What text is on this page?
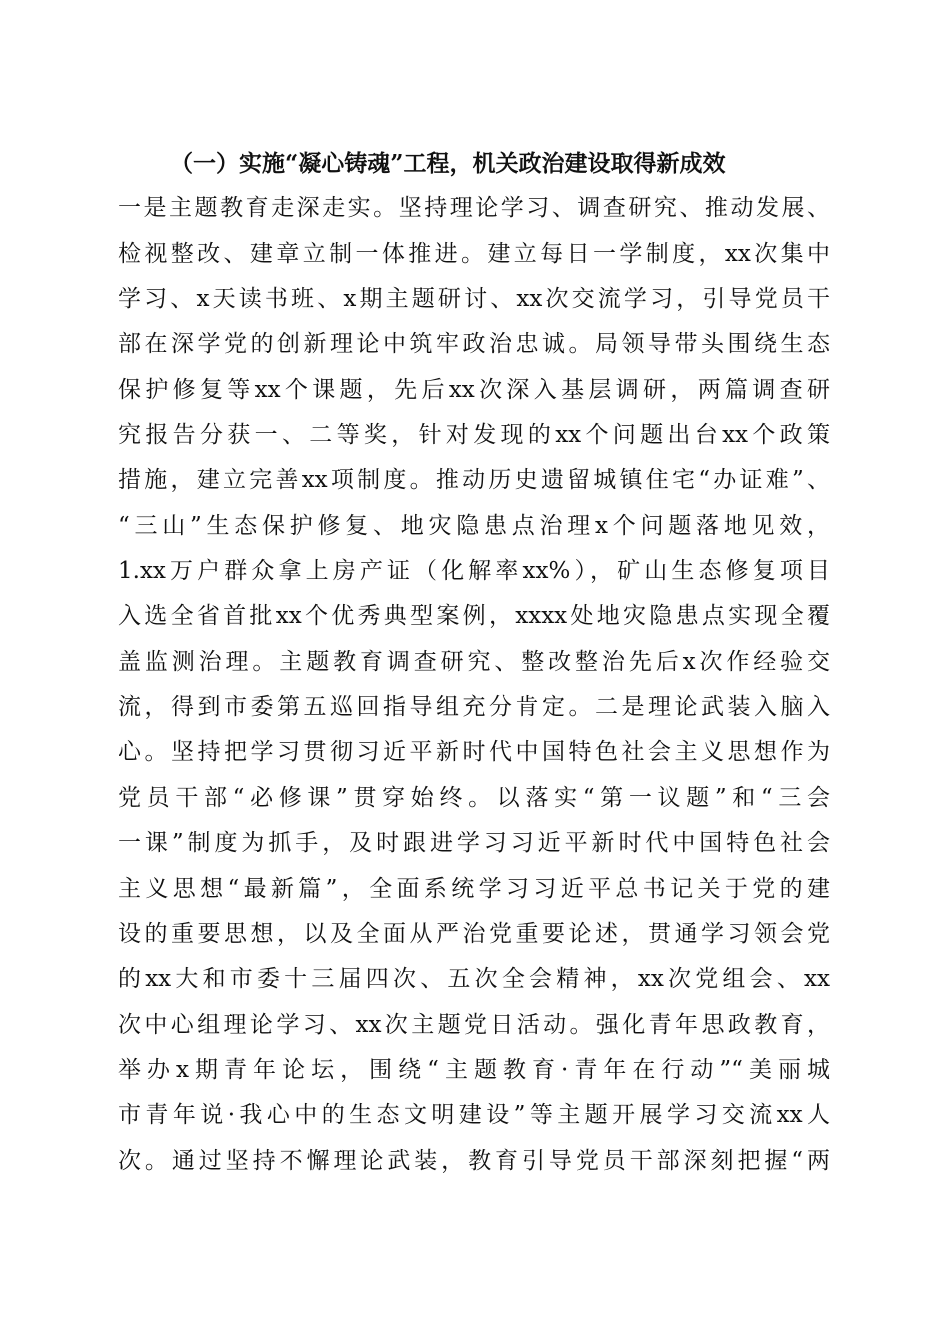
（一）实施“凝心铸魂”工程，机关政治建设取得新成效
一是主题教育走深走实。坚持理论学习、调查研究、推动发展、
检视整改、建章立制一体推进。建立每日一学制度，xx次集中
学习、x天读书班、x期主题研讨、xx次交流学习，引导党员干
部在深学党的创新理论中筑牢政治忠诚。局领导带头围绕生态
保护修复等xx个课题，先后xx次深入基层调研，两篇调查研
究报告分获一、二等奖，针对发现的xx个问题出台xx个政策
措施，建立完善xx项制度。推动历史遗留城镇住宅“办证难”、
“三山”生态保护修复、地灾隐患点治理x个问题落地见效，
1.xx万户群众拿上房产证（化解率xx%），矿山生态修复项目
入选全省首批xx个优秀典型案例，xxxx处地灾隐患点实现全覆
盖监测治理。主题教育调查研究、整改整治先后x次作经验交
流，得到市委第五巡回指导组充分肯定。二是理论武装入脑入
心。坚持把学习贯彻习近平新时代中国特色社会主义思想作为
党员干部“必修课”贯穿始终。以落实“第一议题”和“三会
一课”制度为抓手，及时跟进学习习近平新时代中国特色社会
主义思想“最新篇”，全面系统学习习近平总书记关于党的建
设的重要思想，以及全面从严治党重要论述，贯通学习领会党
的xx大和市委十三届四次、五次全会精神，xx次党组会、xx
次中心组理论学习、xx次主题党日活动。强化青年思政教育，
举办x期青年论坛，围绕“主题教育·青年在行动”“美丽城
市青年说·我心中的生态文明建设”等主题开展学习交流xx人
次。通过坚持不懈理论武装，教育引导党员干部深刻把握“两
